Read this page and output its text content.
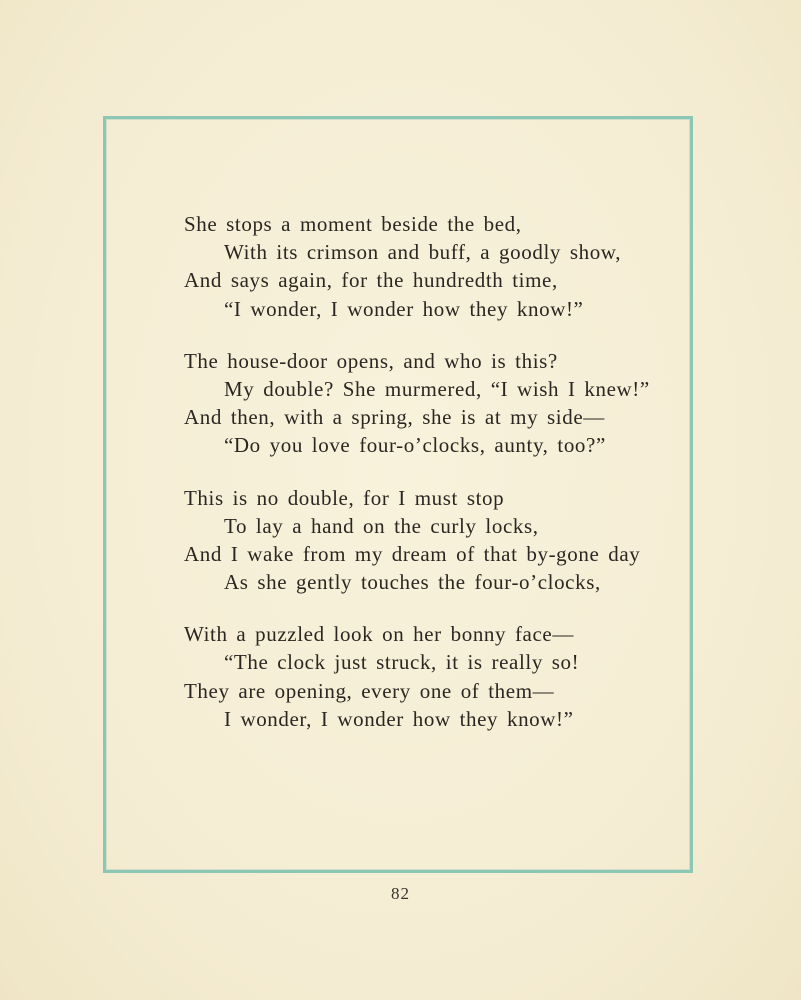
She stops a moment beside the bed,
With its crimson and buff, a goodly show,
And says again, for the hundredth time,
“I wonder, I wonder how they know!”
The house-door opens, and who is this?
My double? She murmered, “I wish I knew!”
And then, with a spring, she is at my side—
“Do you love four-o’clocks, aunty, too?”
This is no double, for I must stop
To lay a hand on the curly locks,
And I wake from my dream of that by-gone day
As she gently touches the four-o’clocks,
With a puzzled look on her bonny face—
“The clock just struck, it is really so!
They are opening, every one of them—
I wonder, I wonder how they know!”
82
